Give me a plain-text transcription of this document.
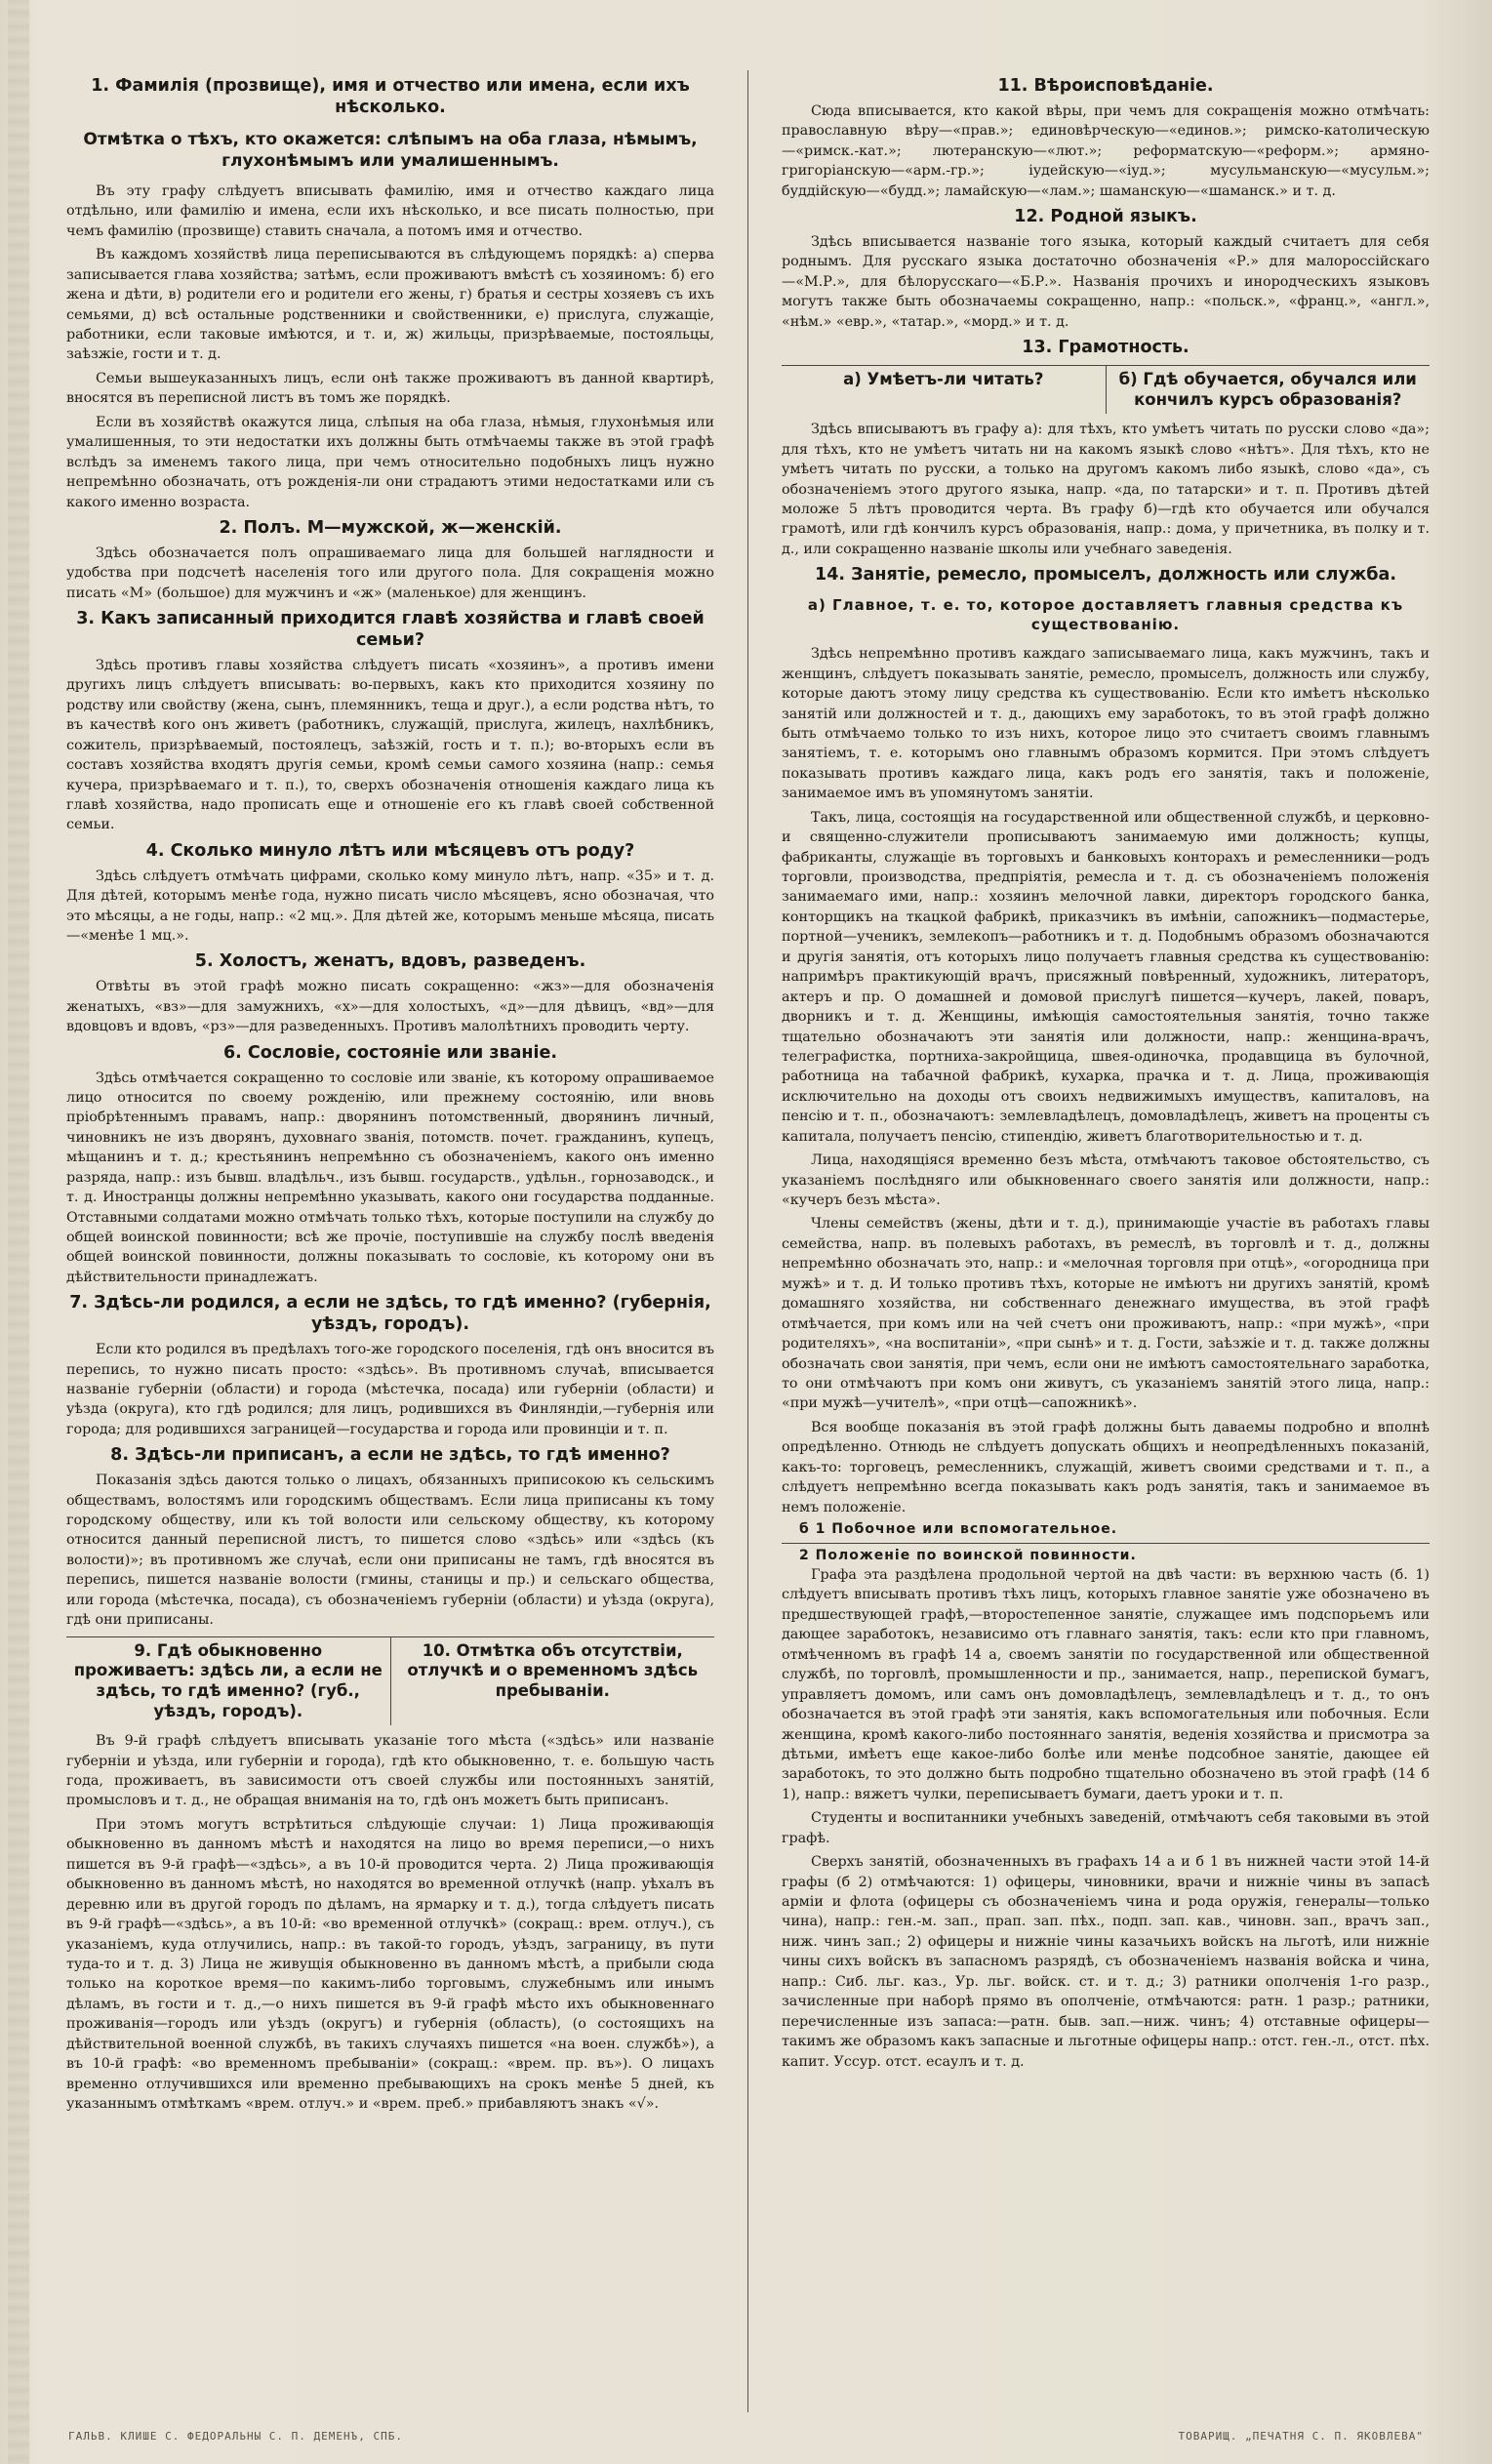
1. Фамилія (прозвище), имя и отчество или имена, если ихъ нѣсколько.
Отмѣтка о тѣхъ, кто окажется: слѣпымъ на оба глаза, нѣмымъ, глухонѣмымъ или умалишеннымъ.

Въ эту графу слѣдуетъ вписывать фамилію, имя и отчество каждаго лица отдѣльно, или фамилію и имена, если ихъ нѣсколько, и все писать полностью, при чемъ фамилію (прозвище) ставить сначала, а потомъ имя и отчество.

Въ каждомъ хозяйствѣ лица переписываются въ слѣдующемъ порядкѣ: а) сперва записывается глава хозяйства; затѣмъ, если проживаютъ вмѣстѣ съ хозяиномъ: б) его жена и дѣти, в) родители его и родители его жены, г) братья и сестры хозяевъ съ ихъ семьями, д) всѣ остальные родственники и свойственники, е) прислуга, служащіе, работники, если таковые имѣются, и т. и, ж) жильцы, призрѣваемые, постояльцы, заѣзжіе, гости и т. д.

Семьи вышеуказанныхъ лицъ, если онѣ также проживаютъ въ данной квартирѣ, вносятся въ переписной листъ въ томъ же порядкѣ.

Если въ хозяйствѣ окажутся лица, слѣпыя на оба глаза, нѣмыя, глухонѣмыя или умалишенныя, то эти недостатки ихъ должны быть отмѣчаемы также въ этой графѣ вслѣдъ за именемъ такого лица, при чемъ относительно подобныхъ лицъ нужно непремѣнно обозначать, отъ рожденія-ли они страдаютъ этими недостатками или съ какого именно возраста.

2. Полъ. М—мужской, ж—женскій.

Здѣсь обозначается полъ опрашиваемаго лица для большей наглядности и удобства при подсчетѣ населенія того или другого пола. Для сокращенія можно писать «М» (большое) для мужчинъ и «ж» (маленькое) для женщинъ.

3. Какъ записанный приходится главѣ хозяйства и главѣ своей семьи?

Здѣсь противъ главы хозяйства слѣдуетъ писать «хозяинъ», а противъ имени другихъ лицъ слѣдуетъ вписывать: во-первыхъ, какъ кто приходится хозяину по родству или свойству (жена, сынъ, племянникъ, теща и друг.), а если родства нѣтъ, то въ качествѣ кого онъ живетъ (работникъ, служащій, прислуга, жилецъ, нахлѣбникъ, сожитель, призрѣваемый, постоялецъ, заѣзжій, гость и т. п.); во-вторыхъ если въ составъ хозяйства входятъ другія семьи, кромѣ семьи самого хозяина (напр.: семья кучера, призрѣваемаго и т. п.), то, сверхъ обозначенія отношенія каждаго лица къ главѣ хозяйства, надо прописать еще и отношеніе его къ главѣ своей собственной семьи.

4. Сколько минуло лѣтъ или мѣсяцевъ отъ роду?

Здѣсь слѣдуетъ отмѣчать цифрами, сколько кому минуло лѣтъ, напр. «35» и т. д. Для дѣтей, которымъ менѣе года, нужно писать число мѣсяцевъ, ясно обозначая, что это мѣсяцы, а не годы, напр.: «2 мц.». Для дѣтей же, которымъ меньше мѣсяца, писать—«менѣе 1 мц.».

5. Холостъ, женатъ, вдовъ, разведенъ.

Отвѣты въ этой графѣ можно писать сокращенно: «жз»—для обозначенія женатыхъ, «вз»—для замужнихъ, «х»—для холостыхъ, «д»—для дѣвицъ, «вд»—для вдовцовъ и вдовъ, «рз»—для разведенныхъ. Противъ малолѣтнихъ проводить черту.

6. Сословіе, состояніе или званіе.

Здѣсь отмѣчается сокращенно то сословіе или званіе, къ которому опрашиваемое лицо относится по своему рожденію, или прежнему состоянію, или вновь пріобрѣтеннымъ правамъ, напр.: дворянинъ потомственный, дворянинъ личный, чиновникъ не изъ дворянъ, духовнаго званія, потомств. почет. гражданинъ, купецъ, мѣщанинъ и т. д.; крестьянинъ непремѣнно съ обозначеніемъ, какого онъ именно разряда, напр.: изъ бывш. владѣльч., изъ бывш. государств., удѣльн., горнозаводск., и т. д. Иностранцы должны непремѣнно указывать, какого они государства подданные. Отставными солдатами можно отмѣчать только тѣхъ, которые поступили на службу до общей воинской повинности; всѣ же прочіе, поступившіе на службу послѣ введенія общей воинской повинности, должны показывать то сословіе, къ которому они въ дѣйствительности принадлежатъ.

7. Здѣсь-ли родился, а если не здѣсь, то гдѣ именно? (губернія, уѣздъ, городъ).

Если кто родился въ предѣлахъ того-же городского поселенія, гдѣ онъ вносится въ перепись, то нужно писать просто: «здѣсь». Въ противномъ случаѣ, вписывается названіе губерніи (области) и города (мѣстечка, посада) или губерніи (области) и уѣзда (округа), кто гдѣ родился; для лицъ, родившихся въ Финляндіи,—губернія или города; для родившихся заграницей—государства и города или провинціи и т. п.

8. Здѣсь-ли приписанъ, а если не здѣсь, то гдѣ именно?

Показанія здѣсь даются только о лицахъ, обязанныхъ приписокою къ сельскимъ обществамъ, волостямъ или городскимъ обществамъ. Если лица приписаны къ тому городскому обществу, или къ той волости или сельскому обществу, къ которому относится данный переписной листъ, то пишется слово «здѣсь» или «здѣсь (къ волости)»; въ противномъ же случаѣ, если они приписаны не тамъ, гдѣ вносятся въ перепись, пишется названіе волости (гмины, станицы и пр.) и сельскаго общества, или города (мѣстечка, посада), съ обозначеніемъ губерніи (области) и уѣзда (округа), гдѣ они приписаны.

9. Гдѣ обыкновенно проживаетъ: здѣсь ли, а если не здѣсь, то гдѣ именно? (губ., уѣздъ, городъ).
10. Отмѣтка объ отсутствіи, отлучкѣ и о временномъ здѣсь пребываніи.

Въ 9-й графѣ слѣдуетъ вписывать указаніе того мѣста («здѣсь» или названіе губерніи и уѣзда, или губерніи и города), гдѣ кто обыкновенно, т. е. большую часть года, проживаетъ, въ зависимости отъ своей службы или постоянныхъ занятій, промысловъ и т. д., не обращая вниманія на то, гдѣ онъ можетъ быть приписанъ.

При этомъ могутъ встрѣтиться слѣдующіе случаи: 1) Лица проживающія обыкновенно въ данномъ мѣстѣ и находятся на лицо во время переписи,—о нихъ пишется въ 9-й графѣ—«здѣсь», а въ 10-й проводится черта. 2) Лица проживающія обыкновенно въ данномъ мѣстѣ, но находятся во временной отлучкѣ (напр. уѣхалъ въ деревню или въ другой городъ по дѣламъ, на ярмарку и т. д.), тогда слѣдуетъ писать въ 9-й графѣ—«здѣсь», а въ 10-й: «во временной отлучкѣ» (сокращ.: врем. отлуч.), съ указаніемъ, куда отлучились, напр.: въ такой-то городъ, уѣздъ, заграницу, въ пути туда-то и т. д. 3) Лица не живущія обыкновенно въ данномъ мѣстѣ, а прибыли сюда только на короткое время—по какимъ-либо торговымъ, служебнымъ или инымъ дѣламъ, въ гости и т. д.,—о нихъ пишется въ 9-й графѣ мѣсто ихъ обыкновеннаго проживанія—городъ или уѣздъ (округъ) и губернія (область), (о состоящихъ на дѣйствительной военной службѣ, въ такихъ случаяхъ пишется «на воен. службѣ»), а въ 10-й графѣ: «во временномъ пребываніи» (сокращ.: «врем. пр. въ»). О лицахъ временно отлучившихся или временно пребывающихъ на срокъ менѣе 5 дней, къ указаннымъ отмѣткамъ «врем. отлуч.» и «врем. преб.» прибавляютъ знакъ «√».

11. Вѣроисповѣданіе.

Сюда вписывается, кто какой вѣры, при чемъ для сокращенія можно отмѣчать: православную вѣру—«прав.»; единовѣрческую—«единов.»; римско-католическую—«римск.-кат.»; лютеранскую—«лют.»; реформатскую—«реформ.»; армяно-григоріанскую—«арм.-гр.»; іудейскую—«іуд.»; мусульманскую—«мусульм.»; буддійскую—«будд.»; ламайскую—«лам.»; шаманскую—«шаманск.» и т. д.

12. Родной языкъ.

Здѣсь вписывается названіе того языка, который каждый считаетъ для себя роднымъ. Для русскаго языка достаточно обозначенія «Р.» для малороссійскаго—«М.Р.», для бѣлорусскаго—«Б.Р.». Названія прочихъ и инородческихъ языковъ могутъ также быть обозначаемы сокращенно, напр.: «польск.», «франц.», «англ.», «нѣм.» «евр.», «татар.», «морд.» и т. д.

13. Грамотность.
а) Умѣетъ-ли читать?	б) Гдѣ обучается, обучался или кончилъ курсъ образованія?

Здѣсь вписываютъ въ графу а): для тѣхъ, кто умѣетъ читать по русски слово «да»; для тѣхъ, кто не умѣетъ читать ни на какомъ языкѣ слово «нѣтъ». Для тѣхъ, кто не умѣетъ читать по русски, а только на другомъ какомъ либо языкѣ, слово «да», съ обозначеніемъ этого другого языка, напр. «да, по татарски» и т. п. Противъ дѣтей моложе 5 лѣтъ проводится черта. Въ графу б)—гдѣ кто обучается или обучался грамотѣ, или гдѣ кончилъ курсъ образованія, напр.: дома, у причетника, въ полку и т. д., или сокращенно названіе школы или учебнаго заведенія.

14. Занятіе, ремесло, промыселъ, должность или служба.
а) Главное, т. е. то, которое доставляетъ главныя средства къ существованію.

Здѣсь непремѣнно противъ каждаго записываемаго лица, какъ мужчинъ, такъ и женщинъ, слѣдуетъ показывать занятіе, ремесло, промыселъ, должность или службу, которые даютъ этому лицу средства къ существованію. Если кто имѣетъ нѣсколько занятій или должностей и т. д., дающихъ ему заработокъ, то въ этой графѣ должно быть отмѣчаемо только то изъ нихъ, которое лицо это считаетъ своимъ главнымъ занятіемъ, т. е. которымъ оно главнымъ образомъ кормится. При этомъ слѣдуетъ показывать противъ каждаго лица, какъ родъ его занятія, такъ и положеніе, занимаемое имъ въ упомянутомъ занятіи.

Такъ, лица, состоящія на государственной или общественной службѣ, и церковно- и священно-служители прописываютъ занимаемую ими должность; купцы, фабриканты, служащіе въ торговыхъ и банковыхъ конторахъ и ремесленники—родъ торговли, производства, предпріятія, ремесла и т. д. съ обозначеніемъ положенія занимаемаго ими, напр.: хозяинъ мелочной лавки, директоръ городского банка, конторщикъ на ткацкой фабрикѣ, приказчикъ въ имѣніи, сапожникъ—подмастерье, портной—ученикъ, землекопъ—работникъ и т. д. Подобнымъ образомъ обозначаются и другія занятія, отъ которыхъ лицо получаетъ главныя средства къ существованію: напримѣръ практикующій врачъ, присяжный повѣренный, художникъ, литераторъ, актеръ и пр. О домашней и домовой прислугѣ пишется—кучеръ, лакей, поваръ, дворникъ и т. д. Женщины, имѣющія самостоятельныя занятія, точно также тщательно обозначаютъ эти занятія или должности, напр.: женщина-врачъ, телеграфистка, портниха-закройщица, швея-одиночка, продавщица въ булочной, работница на табачной фабрикѣ, кухарка, прачка и т. д. Лица, проживающія исключительно на доходы отъ своихъ недвижимыхъ имуществъ, капиталовъ, на пенсію и т. п., обозначаютъ: землевладѣлецъ, домовладѣлецъ, живетъ на проценты съ капитала, получаетъ пенсію, стипендію, живетъ благотворительностью и т. д.

Лица, находящіяся временно безъ мѣста, отмѣчаютъ таковое обстоятельство, съ указаніемъ послѣдняго или обыкновеннаго своего занятія или должности, напр.: «кучеръ безъ мѣста».

Члены семействъ (жены, дѣти и т. д.), принимающіе участіе въ работахъ главы семейства, напр. въ полевыхъ работахъ, въ ремеслѣ, въ торговлѣ и т. д., должны непремѣнно обозначать это, напр.: и «мелочная торговля при отцѣ», «огородница при мужѣ» и т. д. И только противъ тѣхъ, которые не имѣютъ ни другихъ занятій, кромѣ домашняго хозяйства, ни собственнаго денежнаго имущества, въ этой графѣ отмѣчается, при комъ или на чей счетъ они проживаютъ, напр.: «при мужѣ», «при родителяхъ», «на воспитаніи», «при сынѣ» и т. д. Гости, заѣзжіе и т. д. также должны обозначать свои занятія, при чемъ, если они не имѣютъ самостоятельнаго заработка, то они отмѣчаютъ при комъ они живутъ, съ указаніемъ занятій этого лица, напр.: «при мужѣ—учителѣ», «при отцѣ—сапожникѣ».

Вся вообще показанія въ этой графѣ должны быть даваемы подробно и вполнѣ опредѣленно. Отнюдь не слѣдуетъ допускать общихъ и неопредѣленныхъ показаній, какъ-то: торговецъ, ремесленникъ, служащій, живетъ своими средствами и т. п., а слѣдуетъ непремѣнно всегда показывать какъ родъ занятія, такъ и занимаемое въ немъ положеніе.

б 1 Побочное или вспомогательное.
2 Положеніе по воинской повинности.

Графа эта раздѣлена продольной чертой на двѣ части: въ верхнюю часть (б. 1) слѣдуетъ вписывать противъ тѣхъ лицъ, которыхъ главное занятіе уже обозначено въ предшествующей графѣ,—второстепенное занятіе, служащее имъ подспорьемъ или дающее заработокъ, независимо отъ главнаго занятія, такъ: если кто при главномъ, отмѣченномъ въ графѣ 14 а, своемъ занятіи по государственной или общественной службѣ, по торговлѣ, промышленности и пр., занимается, напр., перепиской бумагъ, управляетъ домомъ, или самъ онъ домовладѣлецъ, землевладѣлецъ и т. д., то онъ обозначается въ этой графѣ эти занятія, какъ вспомогательныя или побочныя. Если женщина, кромѣ какого-либо постояннаго занятія, веденія хозяйства и присмотра за дѣтьми, имѣетъ еще какое-либо болѣе или менѣе подсобное занятіе, дающее ей заработокъ, то это должно быть подробно тщательно обозначено въ этой графѣ (14 б 1), напр.: вяжетъ чулки, переписываетъ бумаги, даетъ уроки и т. п.

Студенты и воспитанники учебныхъ заведеній, отмѣчаютъ себя таковыми въ этой графѣ.

Сверхъ занятій, обозначенныхъ въ графахъ 14 а и б 1 въ нижней части этой 14-й графы (б 2) отмѣчаются: 1) офицеры, чиновники, врачи и нижніе чины въ запасѣ арміи и флота (офицеры съ обозначеніемъ чина и рода оружія, генералы—только чина), напр.: ген.-м. зап., прап. зап. пѣх., подп. зап. кав., чиновн. зап., врачъ зап., ниж. чинъ зап.; 2) офицеры и нижніе чины казачьихъ войскъ на льготѣ, или нижніе чины сихъ войскъ въ запасномъ разрядѣ, съ обозначеніемъ названія войска и чина, напр.: Сиб. льг. каз., Ур. льг. войск. ст. и т. д.; 3) ратники ополченія 1-го разр., зачисленные при наборѣ прямо въ ополченіе, отмѣчаются: ратн. 1 разр.; ратники, перечисленные изъ запаса:—ратн. быв. зап.—ниж. чинъ; 4) отставные офицеры—такимъ же образомъ какъ запасные и льготные офицеры напр.: отст. ген.-л., отст. пѣх. капит. Уссур. отст. есаулъ и т. д.

ГАЛЬВ. КЛИШЕ С. ФЕДОРАЛЬНЫ С. П. ДЕМЕНЪ, СПБ.	ТОВАРИЩ. „ПЕЧАТНЯ С. П. ЯКОВЛЕВА"
